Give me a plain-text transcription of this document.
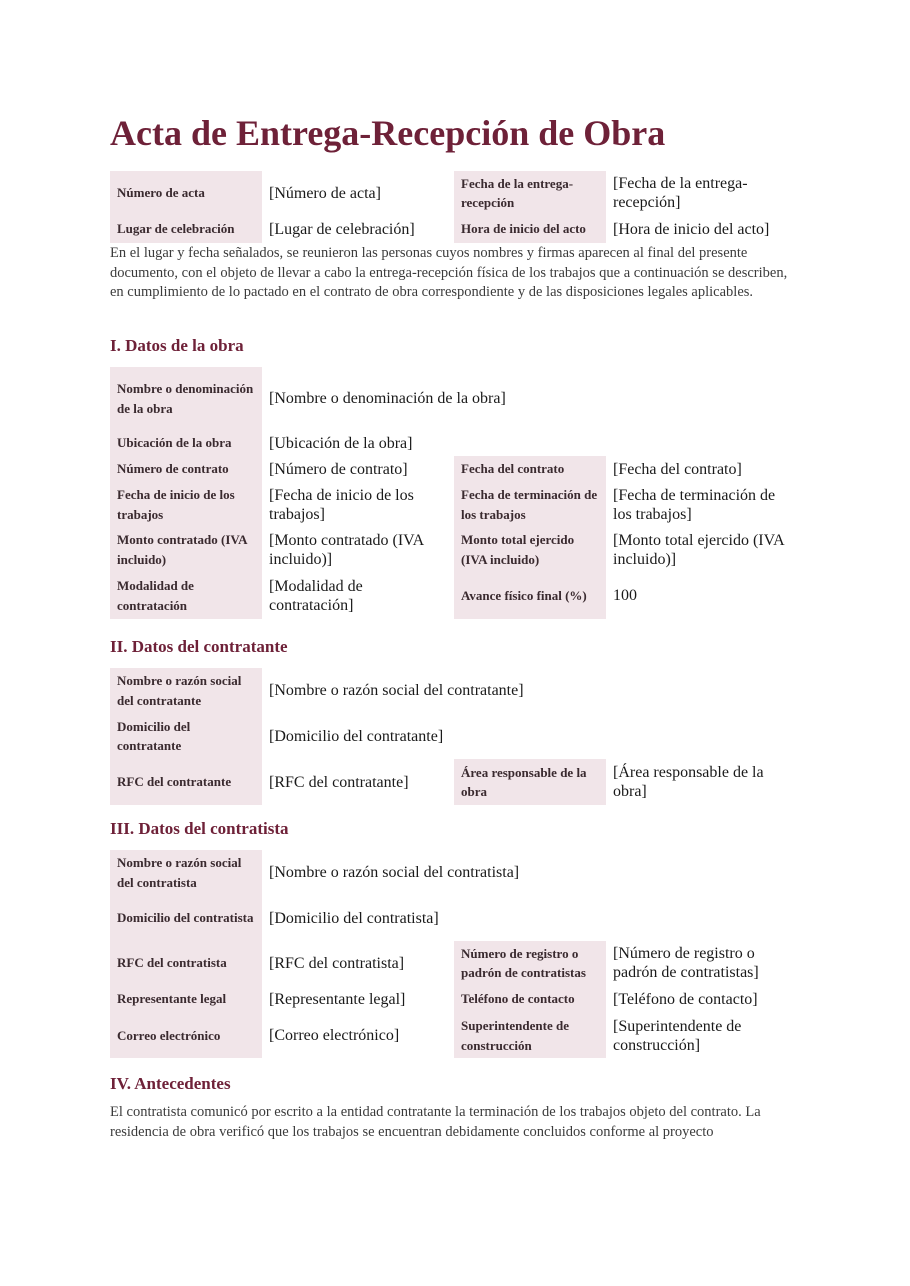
Acta de Entrega-Recepción de Obra
Número de acta	[Número de acta]	Fecha de la entrega-recepción	[Fecha de la entrega-recepción]
Lugar de celebración	[Lugar de celebración]	Hora de inicio del acto	[Hora de inicio del acto]

En el lugar y fecha señalados, se reunieron las personas cuyos nombres y firmas aparecen al final del presente documento, con el objeto de llevar a cabo la entrega-recepción física de los trabajos que a continuación se describen, en cumplimiento de lo pactado en el contrato de obra correspondiente y de las disposiciones legales aplicables.

I. Datos de la obra
Nombre o denominación de la obra	[Nombre o denominación de la obra]		
Ubicación de la obra	[Ubicación de la obra]		
Número de contrato	[Número de contrato]	Fecha del contrato	[Fecha del contrato]
Fecha de inicio de los trabajos	[Fecha de inicio de los trabajos]	Fecha de terminación de los trabajos	[Fecha de terminación de los trabajos]
Monto contratado (IVA incluido)	[Monto contratado (IVA incluido)]	Monto total ejercido (IVA incluido)	[Monto total ejercido (IVA incluido)]
Modalidad de contratación	[Modalidad de contratación]	Avance físico final (%)	100
II. Datos del contratante
Nombre o razón social del contratante	[Nombre o razón social del contratante]		
Domicilio del contratante	[Domicilio del contratante]		
RFC del contratante	[RFC del contratante]	Área responsable de la obra	[Área responsable de la obra]
III. Datos del contratista
Nombre o razón social del contratista	[Nombre o razón social del contratista]		
Domicilio del contratista	[Domicilio del contratista]		
RFC del contratista	[RFC del contratista]	Número de registro o padrón de contratistas	[Número de registro o padrón de contratistas]
Representante legal	[Representante legal]	Teléfono de contacto	[Teléfono de contacto]
Correo electrónico	[Correo electrónico]	Superintendente de construcción	[Superintendente de construcción]
IV. Antecedentes

El contratista comunicó por escrito a la entidad contratante la terminación de los trabajos objeto del contrato. La residencia de obra verificó que los trabajos se encuentran debidamente concluidos conforme al proyecto
